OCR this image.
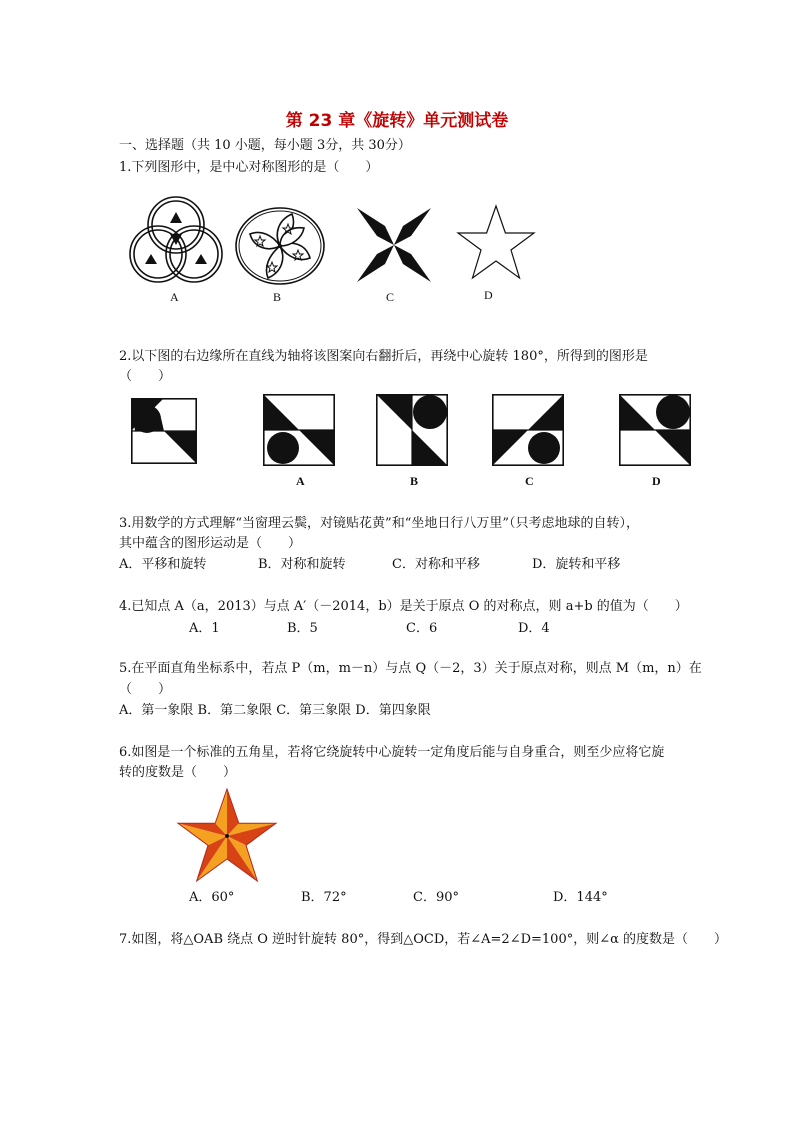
第 23 章《旋转》单元测试卷
一、选择题（共 10 小题，每小题 3分，共 30分）
1.下列图形中，是中心对称图形的是（　　）
A	B	C	D
2.以下图的右边缘所在直线为轴将该图案向右翻折后，再绕中心旋转 180°，所得到的图形是
（　　）
A	B	C	D
3.用数学的方式理解“当窗理云鬓，对镜贴花黄”和“坐地日行八万里”（只考虑地球的自转），
其中蕴含的图形运动是（　　）
A．平移和旋转	B．对称和旋转	C．对称和平移	D．旋转和平移
4.已知点 A（a，2013）与点 A′（－2014，b）是关于原点 O 的对称点，则 a+b 的值为（　　）
A．1	B．5	C．6	D．4
5.在平面直角坐标系中，若点 P（m，m－n）与点 Q（－2，3）关于原点对称，则点 M（m，n）在
（　　）
A．第一象限 B．第二象限 C．第三象限 D．第四象限
6.如图是一个标准的五角星，若将它绕旋转中心旋转一定角度后能与自身重合，则至少应将它旋
转的度数是（　　）
A．60°	B．72°	C．90°	D．144°
7.如图，将△OAB 绕点 O 逆时针旋转 80°，得到△OCD，若∠A=2∠D=100°，则∠α 的度数是（　　）
